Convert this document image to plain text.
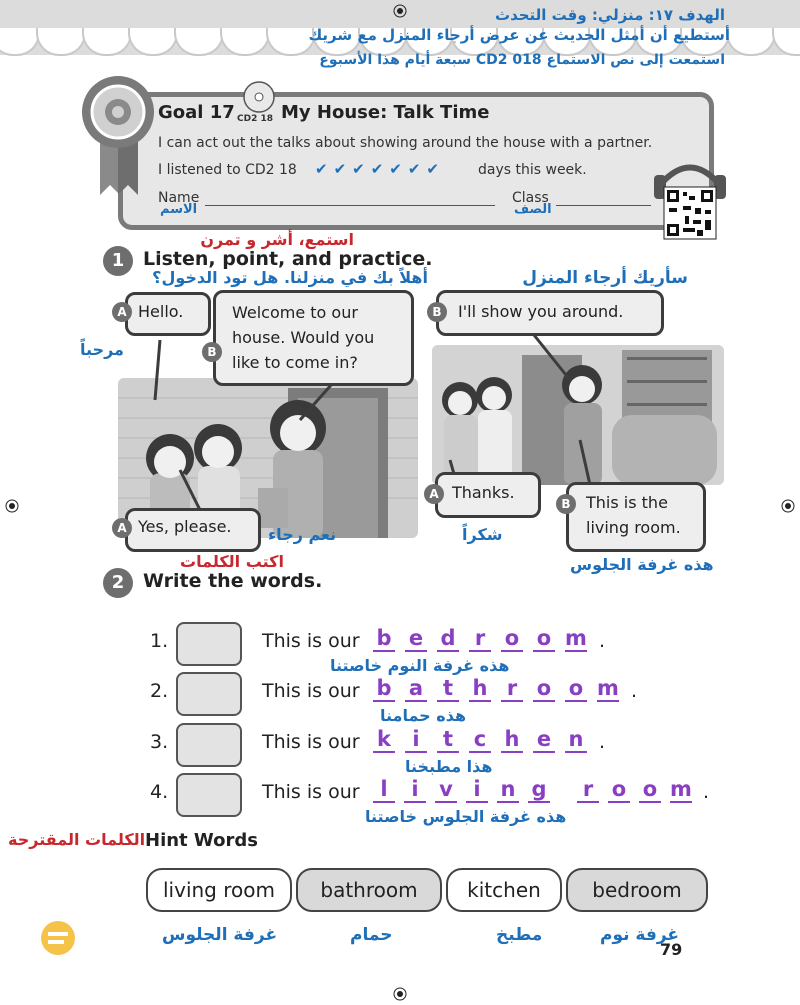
الهدف ١٧: منزلي: وقت التحدث
أستطيع أن أمثل الحديث عن عرض أرجاء المنزل مع شريك
استمعت إلى نص الاستماع CD2 018 سبعة أيام هذا الأسبوع
Goal 17 CD2 18 My House: Talk Time
I can act out the talks about showing around the house with a partner.
I listened to CD2 18 ✔✔✔✔✔✔✔ days this week.
Name
الاسم
Class
الصف
استمع، أشر و تمرن
1 Listen, point, and practice.
أهلاً بك في منزلنا. هل تود الدخول؟	سأريك أرجاء المنزل
A Hello.
B
Welcome to our house. Would you like to come in?
B	I'll show you around.
A Thanks.
B This is the living room.
A Yes, please.
مرحباً
نعم رجاء	شكراً
هذه غرفة الجلوس
اكتب الكلمات
2 Write the words.
1.	This is our b e d r o o m .
هذه غرفة النوم خاصتنا
2.	This is our b a t h r o o m .
هذه حمامنا
3.	This is our k	i	t c h e n .
هذا مطبخنا
4.	This is our l	i v i n g r o o m .
هذه غرفة الجلوس خاصتنا
الكلمات المقترحة Hint Words
living room	bathroom	kitchen	bedroom
غرفة الجلوس	حمام	مطبخ	غرفة نوم
79
